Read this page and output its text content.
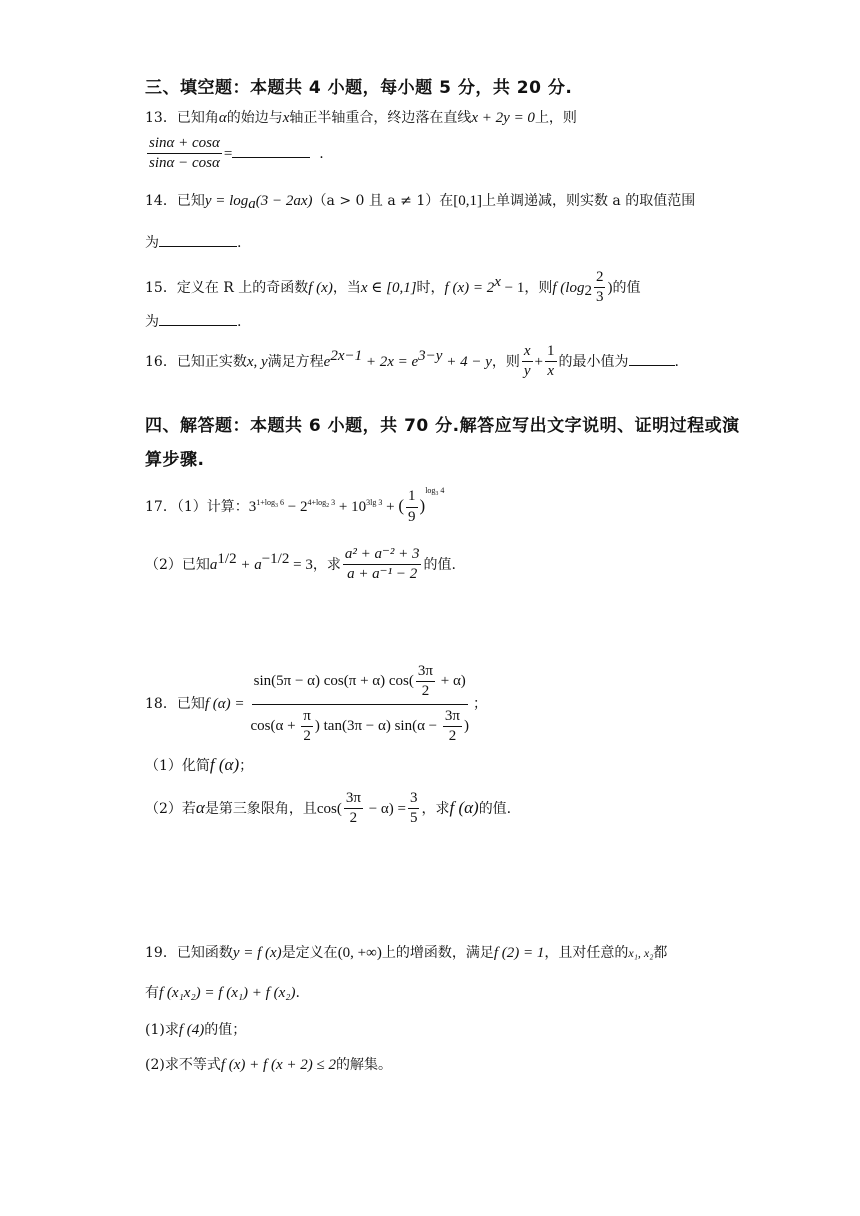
三、填空题：本题共 4 小题，每小题 5 分，共 20 分.
13．已知角α的始边与x轴正半轴重合，终边落在直线x + 2y = 0上，则
$\frac{\sin\alpha + \cos\alpha}{\sin\alpha - \cos\alpha}$ =	.
14．已知$y = \log_a(3 - 2ax)(a > 0$ 且 a ≠ 1）在[0,1]上单调递减，则实数 a 的取值范围
为	.
15．定义在 R 上的奇函数f (x)，当x ∈ [0,1]时，f $(x) = 2^x - 1$，则f ($\log_2 \frac{2}{3}$ )的值
为	.
16．已知正实数x, y满足方程$e^{2x-1} + 2x = e^{3-y} + 4 - y$，则 $\frac{x}{y} + \frac{1}{x}$ 的最小值为	.
四、解答题：本题共 6 小题，共 70 分.解答应写出文字说明、证明过程或演
算步骤.
17．（1）计算：$3^{1+log_3 6} - 2^{4+log_2 3} + 10^{3lg 3}$ + ( $\frac{1}{9} )^{log_3 4}$
（2）已知$a^{1/2} + a^{-1/2} = 3$，求 $\frac{\text{a² + a⁻² + 3}}{\text{a + a⁻¹ − 2}}$ 的值.
18．已知f $(\alpha) = \frac{\sin(5\pi - \alpha) \cos(\pi + \alpha) \cos( \frac{3\pi}{2} + \alpha)}{\cos(\alpha + \frac{\pi}{2} ) \tan(3\pi - \alpha) \sin(\alpha - \frac{3\pi}{2} )}$ ；
（1）化简f (α)；
（2）若α是第三象限角，且$\cos( \frac{3\pi}{2} - \alpha) = \frac{3}{5}$ ，求f (α)的值.
19．已知函数y = f (x)是定义在(0, +∞)上的增函数，满足f (2) = 1，且对任意的x₁, x₂都
有f (x₁x₂) = f (x₁) + f (x₂).
(1)求f (4)的值；
(2)求不等式f (x) + f (x + 2) ≤ 2的解集。
